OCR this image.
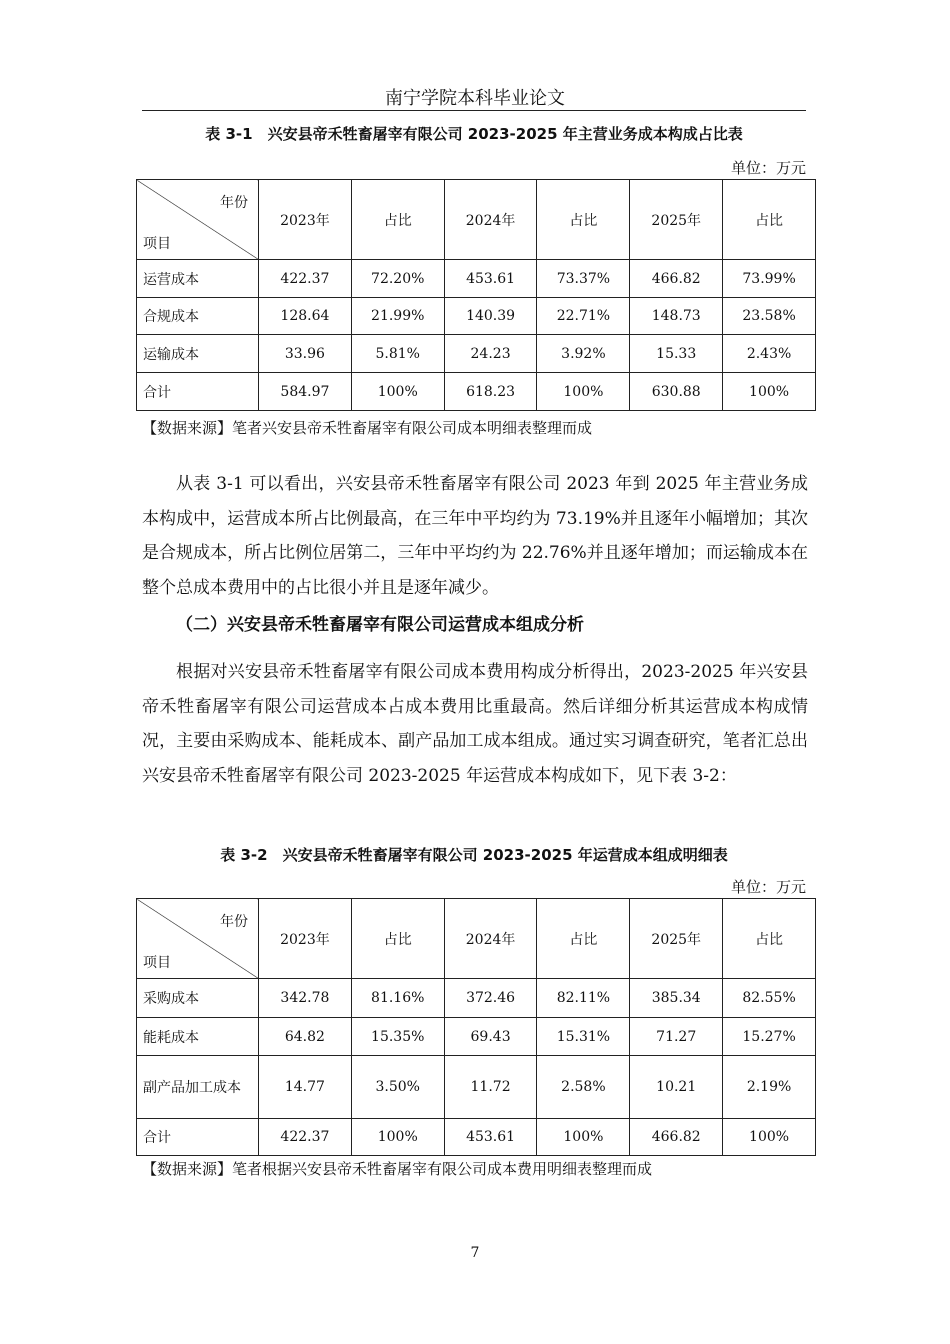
南宁学院本科毕业论文
表 3-1　兴安县帝禾牲畜屠宰有限公司 2023-2025 年主营业务成本构成占比表
单位：万元
年份
项目	2023年	占比	2024年	占比	2025年	占比
运营成本	422.37	72.20%	453.61	73.37%	466.82	73.99%
合规成本	128.64	21.99%	140.39	22.71%	148.73	23.58%
运输成本	33.96	5.81%	24.23	3.92%	15.33	2.43%
合计	584.97	100%	618.23	100%	630.88	100%
【数据来源】笔者兴安县帝禾牲畜屠宰有限公司成本明细表整理而成

从表 3-1 可以看出，兴安县帝禾牲畜屠宰有限公司 2023 年到 2025 年主营业务成本构成中，运营成本所占比例最高，在三年中平均约为 73.19%并且逐年小幅增加；其次是合规成本，所占比例位居第二，三年中平均约为 22.76%并且逐年增加；而运输成本在整个总成本费用中的占比很小并且是逐年减少。

（二）兴安县帝禾牲畜屠宰有限公司运营成本组成分析

根据对兴安县帝禾牲畜屠宰有限公司成本费用构成分析得出，2023-2025 年兴安县帝禾牲畜屠宰有限公司运营成本占成本费用比重最高。然后详细分析其运营成本构成情况，主要由采购成本、能耗成本、副产品加工成本组成。通过实习调查研究，笔者汇总出兴安县帝禾牲畜屠宰有限公司 2023-2025 年运营成本构成如下，见下表 3-2：

表 3-2　兴安县帝禾牲畜屠宰有限公司 2023-2025 年运营成本组成明细表
单位：万元
年份
项目	2023年	占比	2024年	占比	2025年	占比
采购成本	342.78	81.16%	372.46	82.11%	385.34	82.55%
能耗成本	64.82	15.35%	69.43	15.31%	71.27	15.27%
副产品加工成本	14.77	3.50%	11.72	2.58%	10.21	2.19%
合计	422.37	100%	453.61	100%	466.82	100%
【数据来源】笔者根据兴安县帝禾牲畜屠宰有限公司成本费用明细表整理而成
7
